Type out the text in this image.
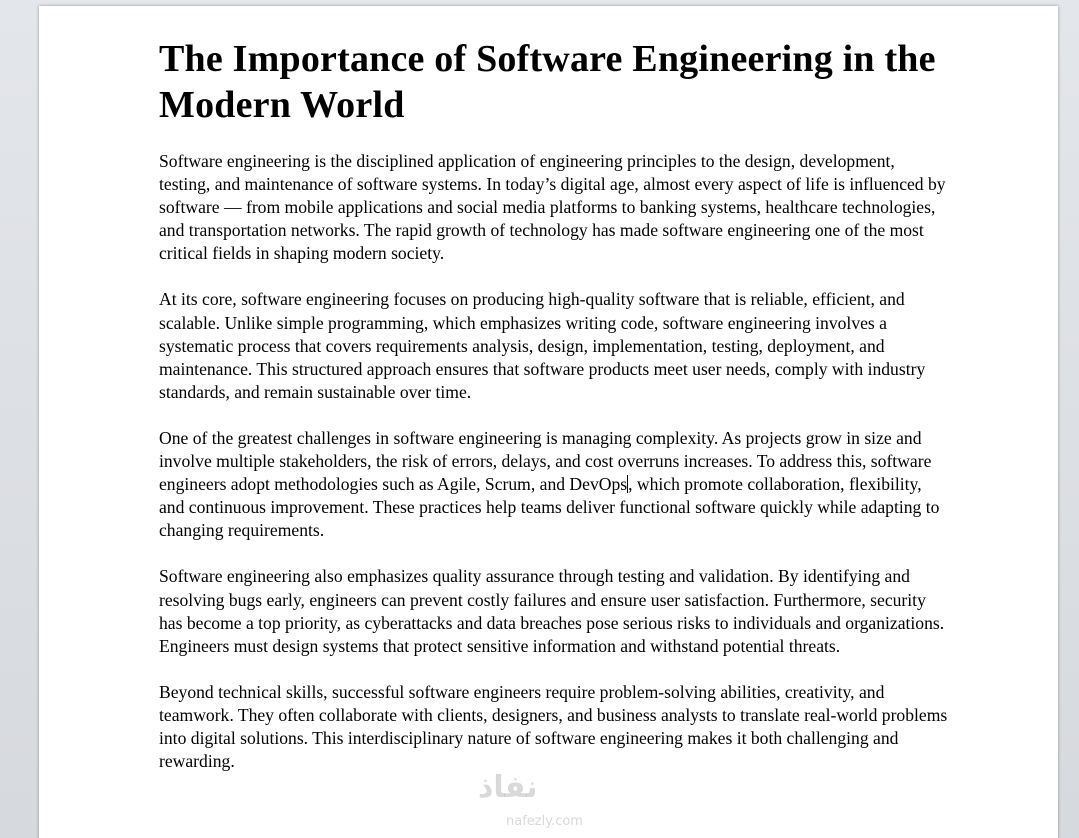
The Importance of Software Engineering in the Modern World

Software engineering is the disciplined application of engineering principles to the design, development, testing, and maintenance of software systems. In today’s digital age, almost every aspect of life is influenced by software — from mobile applications and social media platforms to banking systems, healthcare technologies, and transportation networks. The rapid growth of technology has made software engineering one of the most critical fields in shaping modern society.

At its core, software engineering focuses on producing high-quality software that is reliable, efficient, and scalable. Unlike simple programming, which emphasizes writing code, software engineering involves a systematic process that covers requirements analysis, design, implementation, testing, deployment, and maintenance. This structured approach ensures that software products meet user needs, comply with industry standards, and remain sustainable over time.

One of the greatest challenges in software engineering is managing complexity. As projects grow in size and involve multiple stakeholders, the risk of errors, delays, and cost overruns increases. To address this, software engineers adopt methodologies such as Agile, Scrum, and DevOps, which promote collaboration, flexibility, and continuous improvement. These practices help teams deliver functional software quickly while adapting to changing requirements.

Software engineering also emphasizes quality assurance through testing and validation. By identifying and resolving bugs early, engineers can prevent costly failures and ensure user satisfaction. Furthermore, security has become a top priority, as cyberattacks and data breaches pose serious risks to individuals and organizations. Engineers must design systems that protect sensitive information and withstand potential threats.

Beyond technical skills, successful software engineers require problem-solving abilities, creativity, and teamwork. They often collaborate with clients, designers, and business analysts to translate real-world problems into digital solutions. This interdisciplinary nature of software engineering makes it both challenging and rewarding.

نفاذ
nafezly.com
